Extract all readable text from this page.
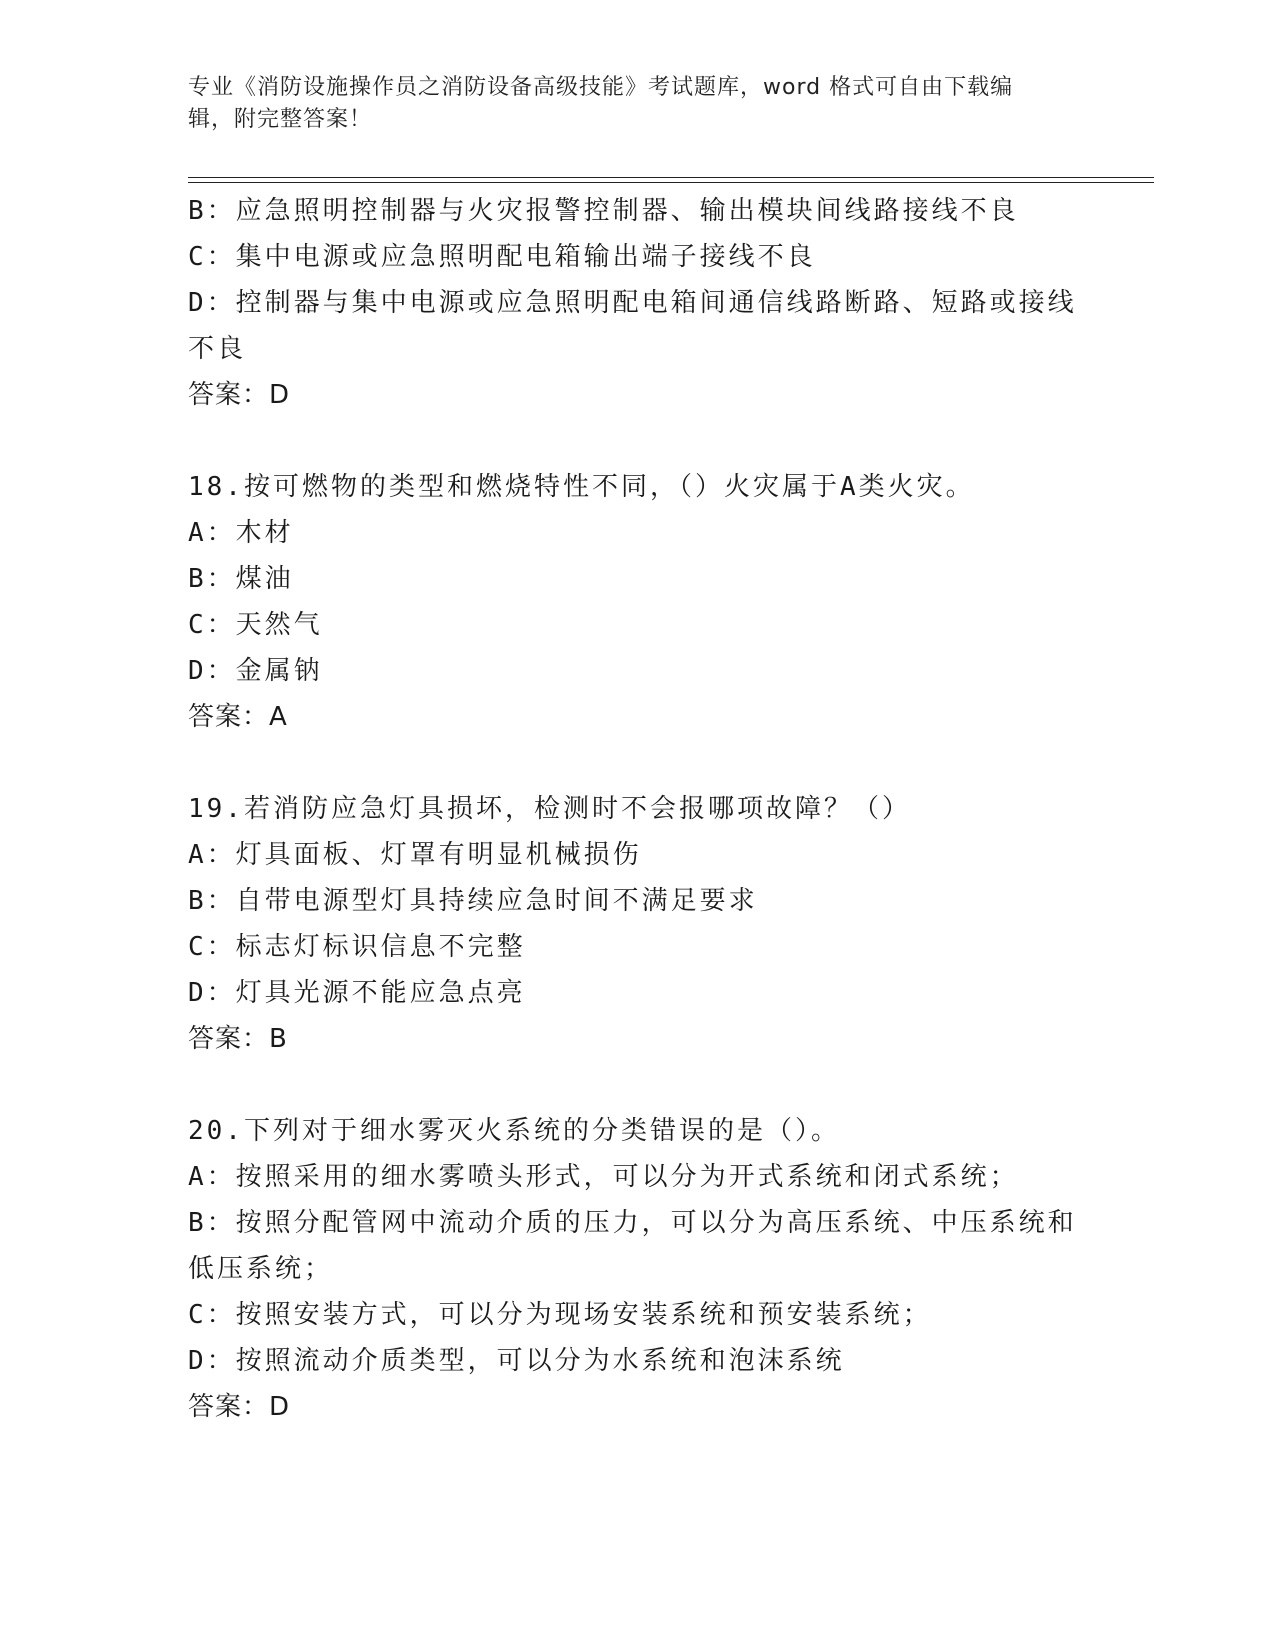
专业《消防设施操作员之消防设备高级技能》考试题库，word 格式可自由下载编
辑，附完整答案！
B：应急照明控制器与火灾报警控制器、输出模块间线路接线不良
C：集中电源或应急照明配电箱输出端子接线不良
D：控制器与集中电源或应急照明配电箱间通信线路断路、短路或接线
不良
答案：D
18.按可燃物的类型和燃烧特性不同，（）火灾属于A类火灾。
A：木材
B：煤油
C：天然气
D：金属钠
答案：A
19.若消防应急灯具损坏，检测时不会报哪项故障？（）
A：灯具面板、灯罩有明显机械损伤
B：自带电源型灯具持续应急时间不满足要求
C：标志灯标识信息不完整
D：灯具光源不能应急点亮
答案：B
20.下列对于细水雾灭火系统的分类错误的是（）。
A：按照采用的细水雾喷头形式，可以分为开式系统和闭式系统；
B：按照分配管网中流动介质的压力，可以分为高压系统、中压系统和
低压系统；
C：按照安装方式，可以分为现场安装系统和预安装系统；
D：按照流动介质类型，可以分为水系统和泡沫系统
答案：D
